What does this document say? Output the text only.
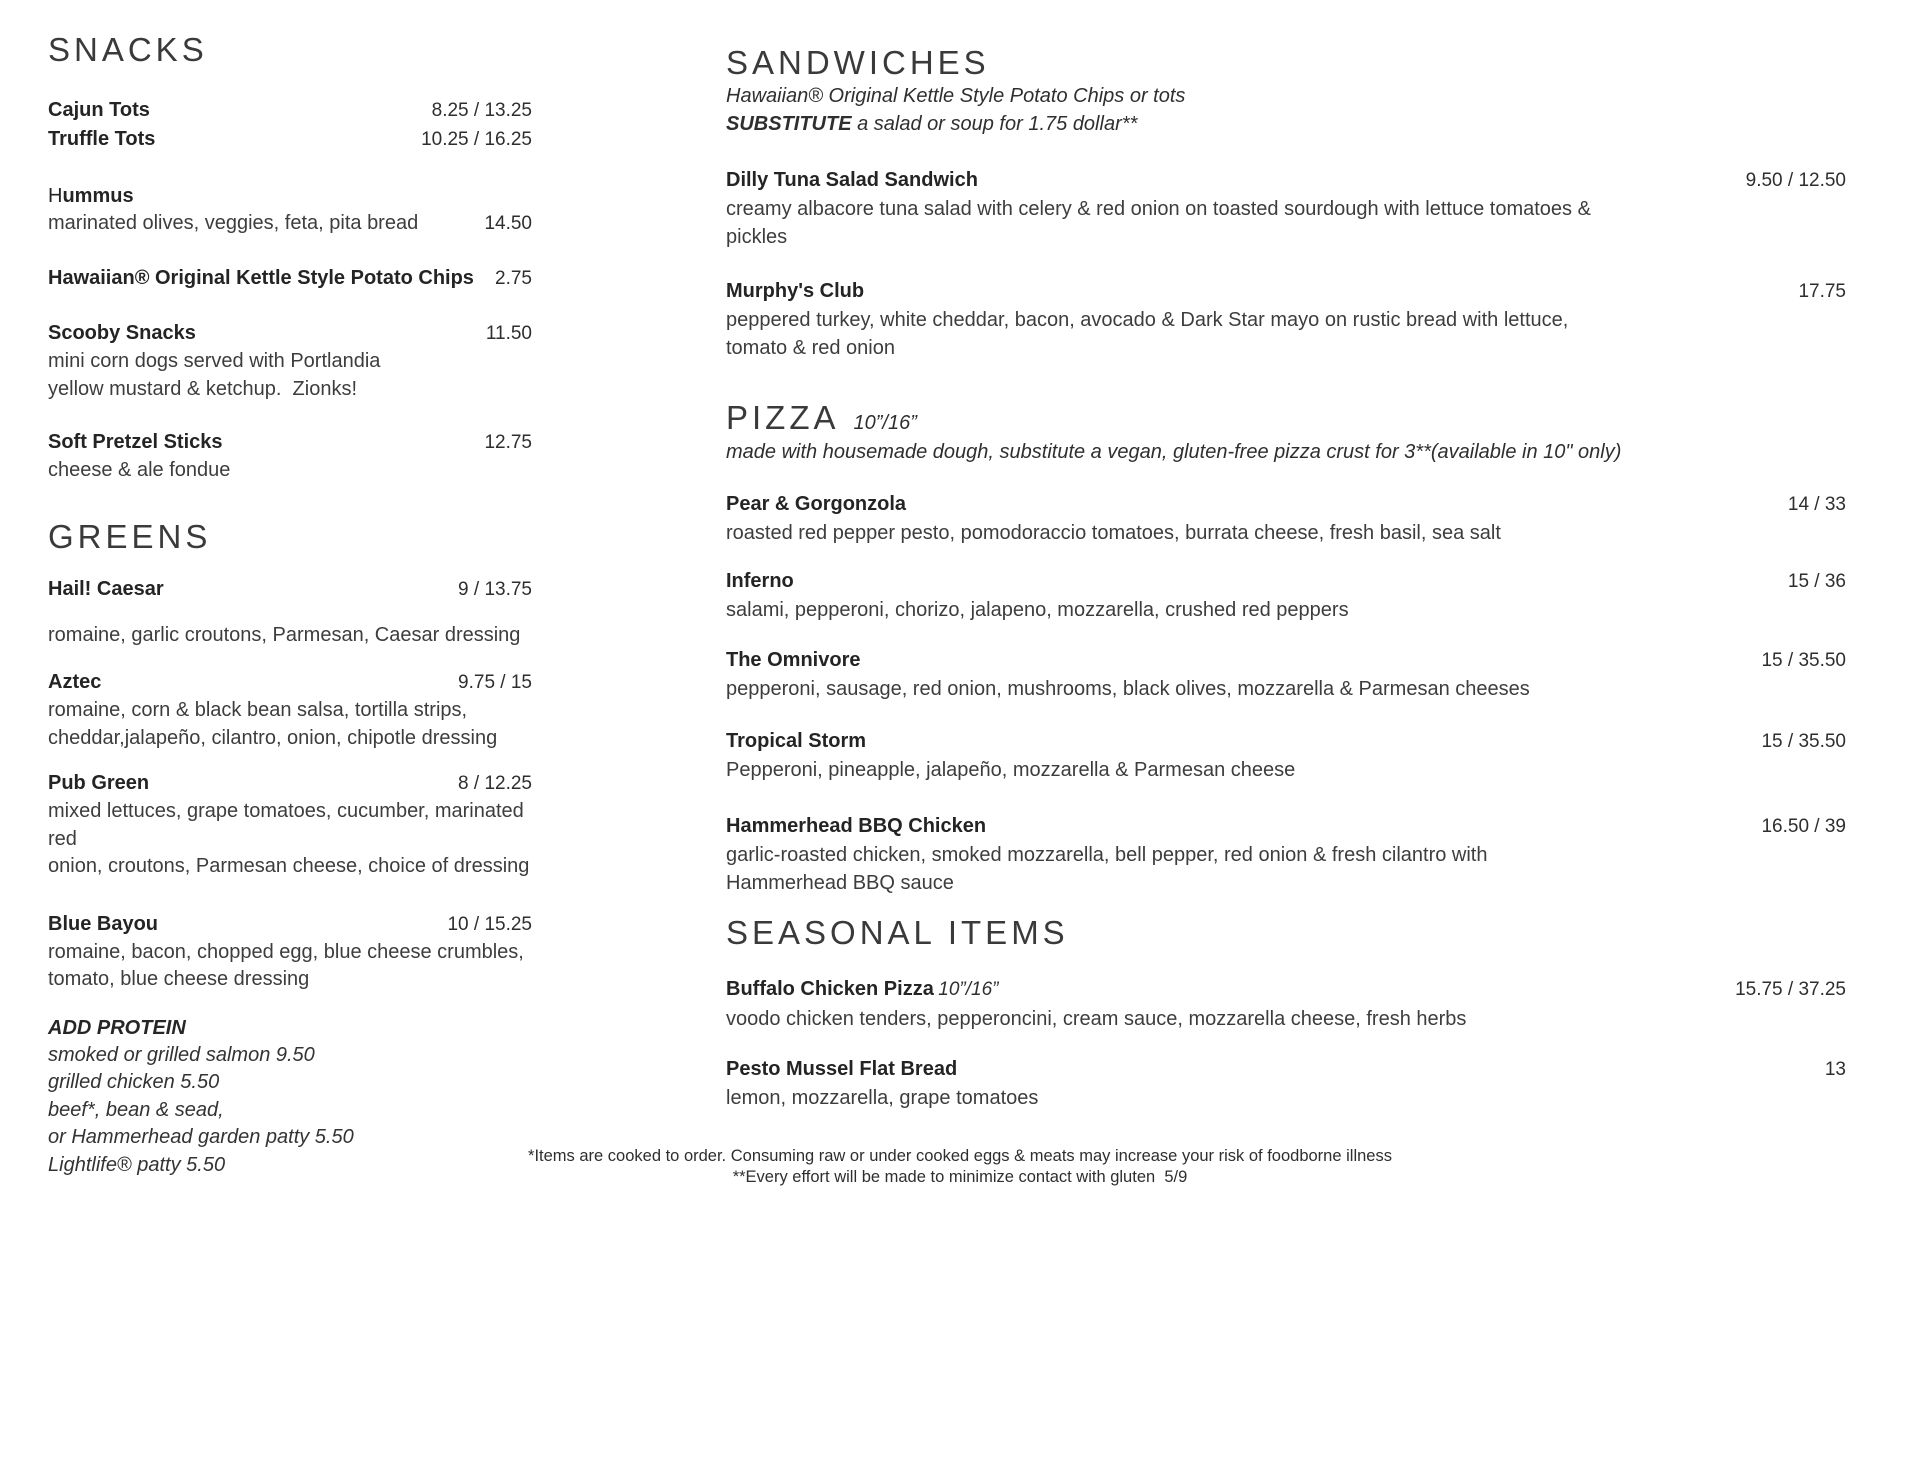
SNACKS
Cajun Tots	8.25 / 13.25
Truffle Tots	10.25 / 16.25
Hummus
marinated olives, veggies, feta, pita bread	14.50
Hawaiian® Original Kettle Style Potato Chips	2.75
Scooby Snacks	11.50
mini corn dogs served with Portlandia
yellow mustard & ketchup.  Zionks!
Soft Pretzel Sticks	12.75
cheese & ale fondue
GREENS
Hail! Caesar	9 / 13.75
romaine, garlic croutons, Parmesan, Caesar dressing
Aztec	9.75 / 15
romaine, corn & black bean salsa, tortilla strips,
cheddar,jalapeño, cilantro, onion, chipotle dressing
Pub Green	8 / 12.25
mixed lettuces, grape tomatoes, cucumber, marinated red
onion, croutons, Parmesan cheese, choice of dressing
Blue Bayou	10 / 15.25
romaine, bacon, chopped egg, blue cheese crumbles,
tomato, blue cheese dressing
ADD PROTEIN
smoked or grilled salmon 9.50
grilled chicken 5.50
beef*, bean & sead,
or Hammerhead garden patty 5.50
Lightlife® patty 5.50
SANDWICHES
Hawaiian® Original Kettle Style Potato Chips or tots
SUBSTITUTE a salad or soup for 1.75 dollar**
Dilly Tuna Salad Sandwich	9.50 / 12.50
creamy albacore tuna salad with celery & red onion on toasted sourdough with lettuce tomatoes &
pickles
Murphy's Club	17.75
peppered turkey, white cheddar, bacon, avocado & Dark Star mayo on rustic bread with lettuce,
tomato & red onion
PIZZA 10”/16”
made with housemade dough, substitute a vegan, gluten-free pizza crust for 3**(available in 10" only)
Pear & Gorgonzola	14 / 33
roasted red pepper pesto, pomodoraccio tomatoes, burrata cheese, fresh basil, sea salt
Inferno	15 / 36
salami, pepperoni, chorizo, jalapeno, mozzarella, crushed red peppers
The Omnivore	15 / 35.50
pepperoni, sausage, red onion, mushrooms, black olives, mozzarella & Parmesan cheeses
Tropical Storm	15 / 35.50
Pepperoni, pineapple, jalapeño, mozzarella & Parmesan cheese
Hammerhead BBQ Chicken	16.50 / 39
garlic-roasted chicken, smoked mozzarella, bell pepper, red onion & fresh cilantro with
Hammerhead BBQ sauce
SEASONAL ITEMS
Buffalo Chicken Pizza 10”/16”	15.75 / 37.25
voodo chicken tenders, pepperoncini, cream sauce, mozzarella cheese, fresh herbs
Pesto Mussel Flat Bread	13
lemon, mozzarella, grape tomatoes
*Items are cooked to order. Consuming raw or under cooked eggs & meats may increase your risk of foodborne illness
**Every effort will be made to minimize contact with gluten  5/9
